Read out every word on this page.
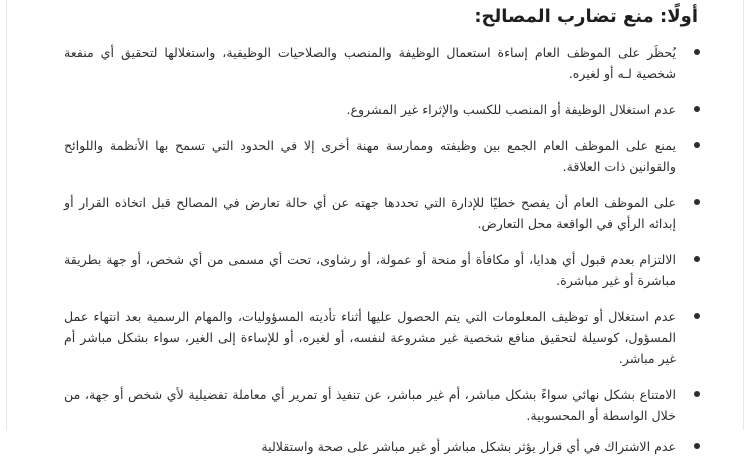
أولًا: منع تضارب المصالح:
يُحظَر على الموظف العام إساءة استعمال الوظيفة والمنصب والصلاحيات الوظيفية، واستغلالها لتحقيق أي منفعة شخصية لـه أو لغيره.
عدم استغلال الوظيفة أو المنصب للكسب والإثراء غير المشروع.
يمنع على الموظف العام الجمع بين وظيفته وممارسة مهنة أخرى إلا في الحدود التي تسمح بها الأنظمة واللوائح والقوانين ذات العلاقة.
على الموظف العام أن يفصح خطيًا للإدارة التي تحددها جهته عن أي حالة تعارض في المصالح قبل اتخاذه القرار أو إبدائه الرأي في الواقعة محل التعارض.
الالتزام بعدم قبول أي هدايا، أو مكافأة أو منحة أو عمولة، أو رشاوى، تحت أي مسمى من أي شخص، أو جهة بطريقة مباشرة أو غير مباشرة.
عدم استغلال أو توظيف المعلومات التي يتم الحصول عليها أثناء تأديته المسؤوليات، والمهام الرسمية بعد انتهاء عمل المسؤول، كوسيلة لتحقيق منافع شخصية غير مشروعة لنفسه، أو لغيره، أو للإساءة إلى الغير، سواء بشكل مباشر أم غير مباشر.
الامتناع بشكل نهائي سواءً بشكل مباشر، أم غير مباشر، عن تنفيذ أو تمرير أي معاملة تفضيلية لأي شخص أو جهة، من خلال الواسطة أو المحسوبية.
عدم الاشتراك في أي قرار يؤثر بشكل مباشر أو غير مباشر على صحة واستقلالية
